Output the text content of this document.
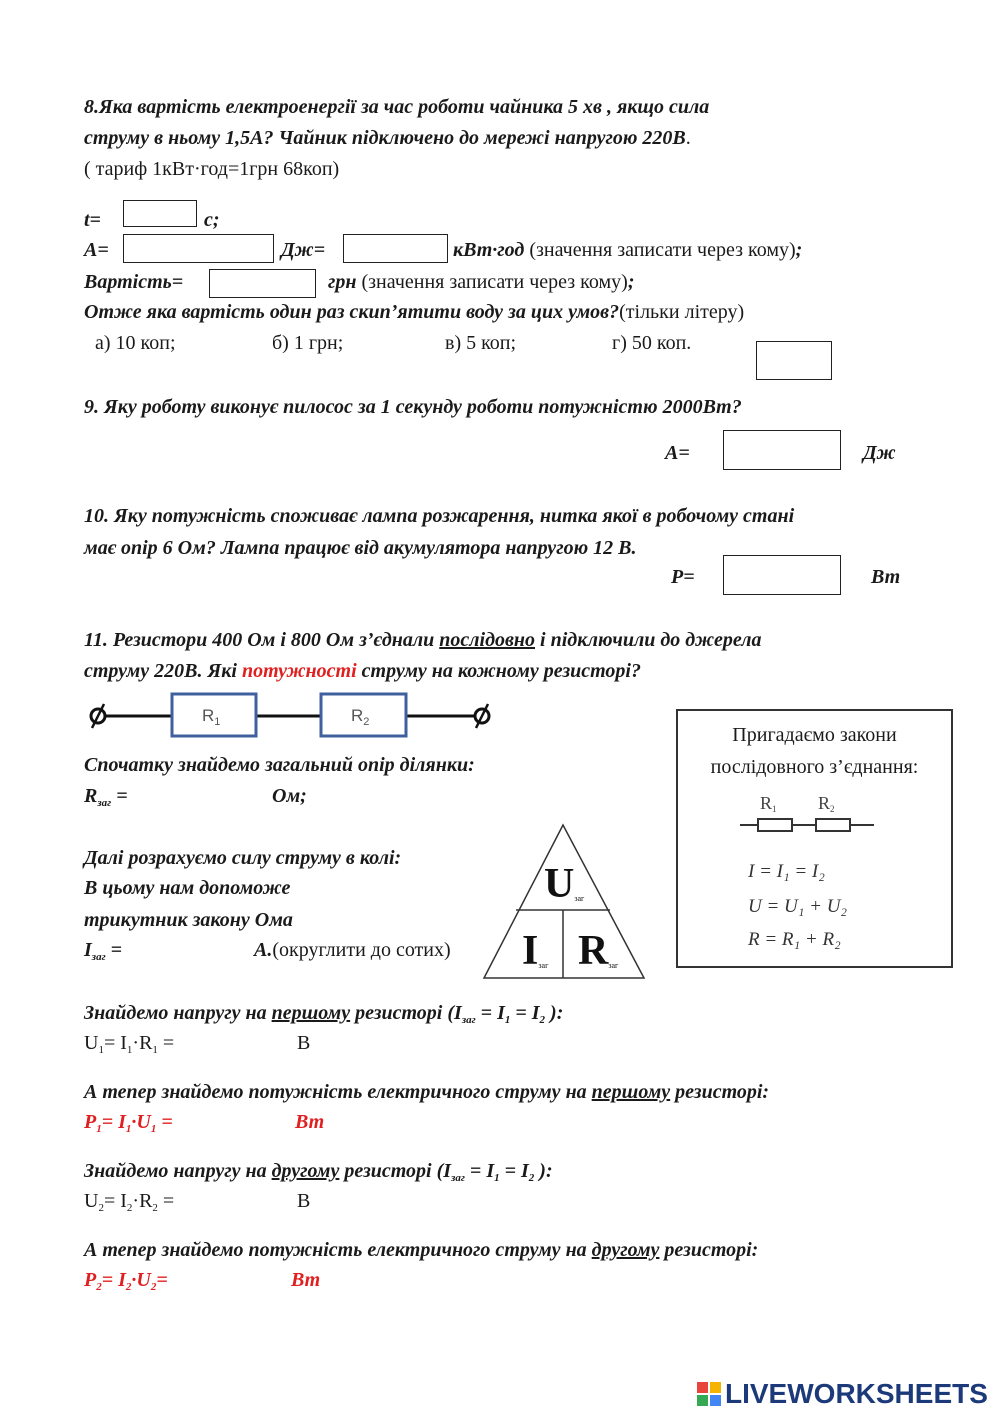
8.Яка вартість електроенергії за час роботи чайника 5 хв , якщо сила
струму в ньому 1,5А? Чайник підключено до мережі напругою 220В.
( тариф 1кВт·год=1грн 68коп)
t=	с;
А=	Дж=	кВт·год (значення записати через кому);
Вартість=	грн (значення записати через кому);
Отже яка вартість один раз скип’ятити воду за цих умов?(тільки літеру)
а) 10 коп;	б) 1 грн;	в) 5 коп;	г) 50 коп.
9. Яку роботу виконує пилосос за 1 секунду роботи потужністю 2000Вт?
А=	Дж
10. Яку потужність споживає лампа розжарення, нитка якої в робочому стані
має опір 6 Ом? Лампа працює від акумулятора напругою 12 В.
Р=	Вт
11. Резистори 400 Ом і 800 Ом з’єднали послідовно і підключили до джерела
струму 220В. Які потужності струму на кожному резисторі?
$R_1$	$R_2$
Спочатку знайдемо загальний опір ділянки:
$R_{заг}$ =	Ом;
Далі розрахуємо силу струму в колі:
В цьому нам допоможе
трикутник закону Ома
$І_{заг}$ =	А.(округлити до сотих)
Uзаг
Iзаг Rзаг
Пригадаємо закони
послідовного з’єднання:
R1 R2
I = I₁ = I₂
U = U₁ + U₂
R = R₁ + R₂
Знайдемо напругу на першому резисторі ($І_{заг} = І_1 = І_2$ ):
$U_1= I_1\cdot R_1$ =	В
А тепер знайдемо потужність електричного струму на першому резисторі:
$P_1= I_1\cdot U_1$ =	Вт
Знайдемо напругу на другому резисторі ($І_{заг} = І_1 = І_2$ ):
$U_2= I_2\cdot R_2$ =	В
А тепер знайдемо потужність електричного струму на другому резисторі:
$P_2= I_2\cdot U_2=$	Вт
LIVEWORKSHEETS
